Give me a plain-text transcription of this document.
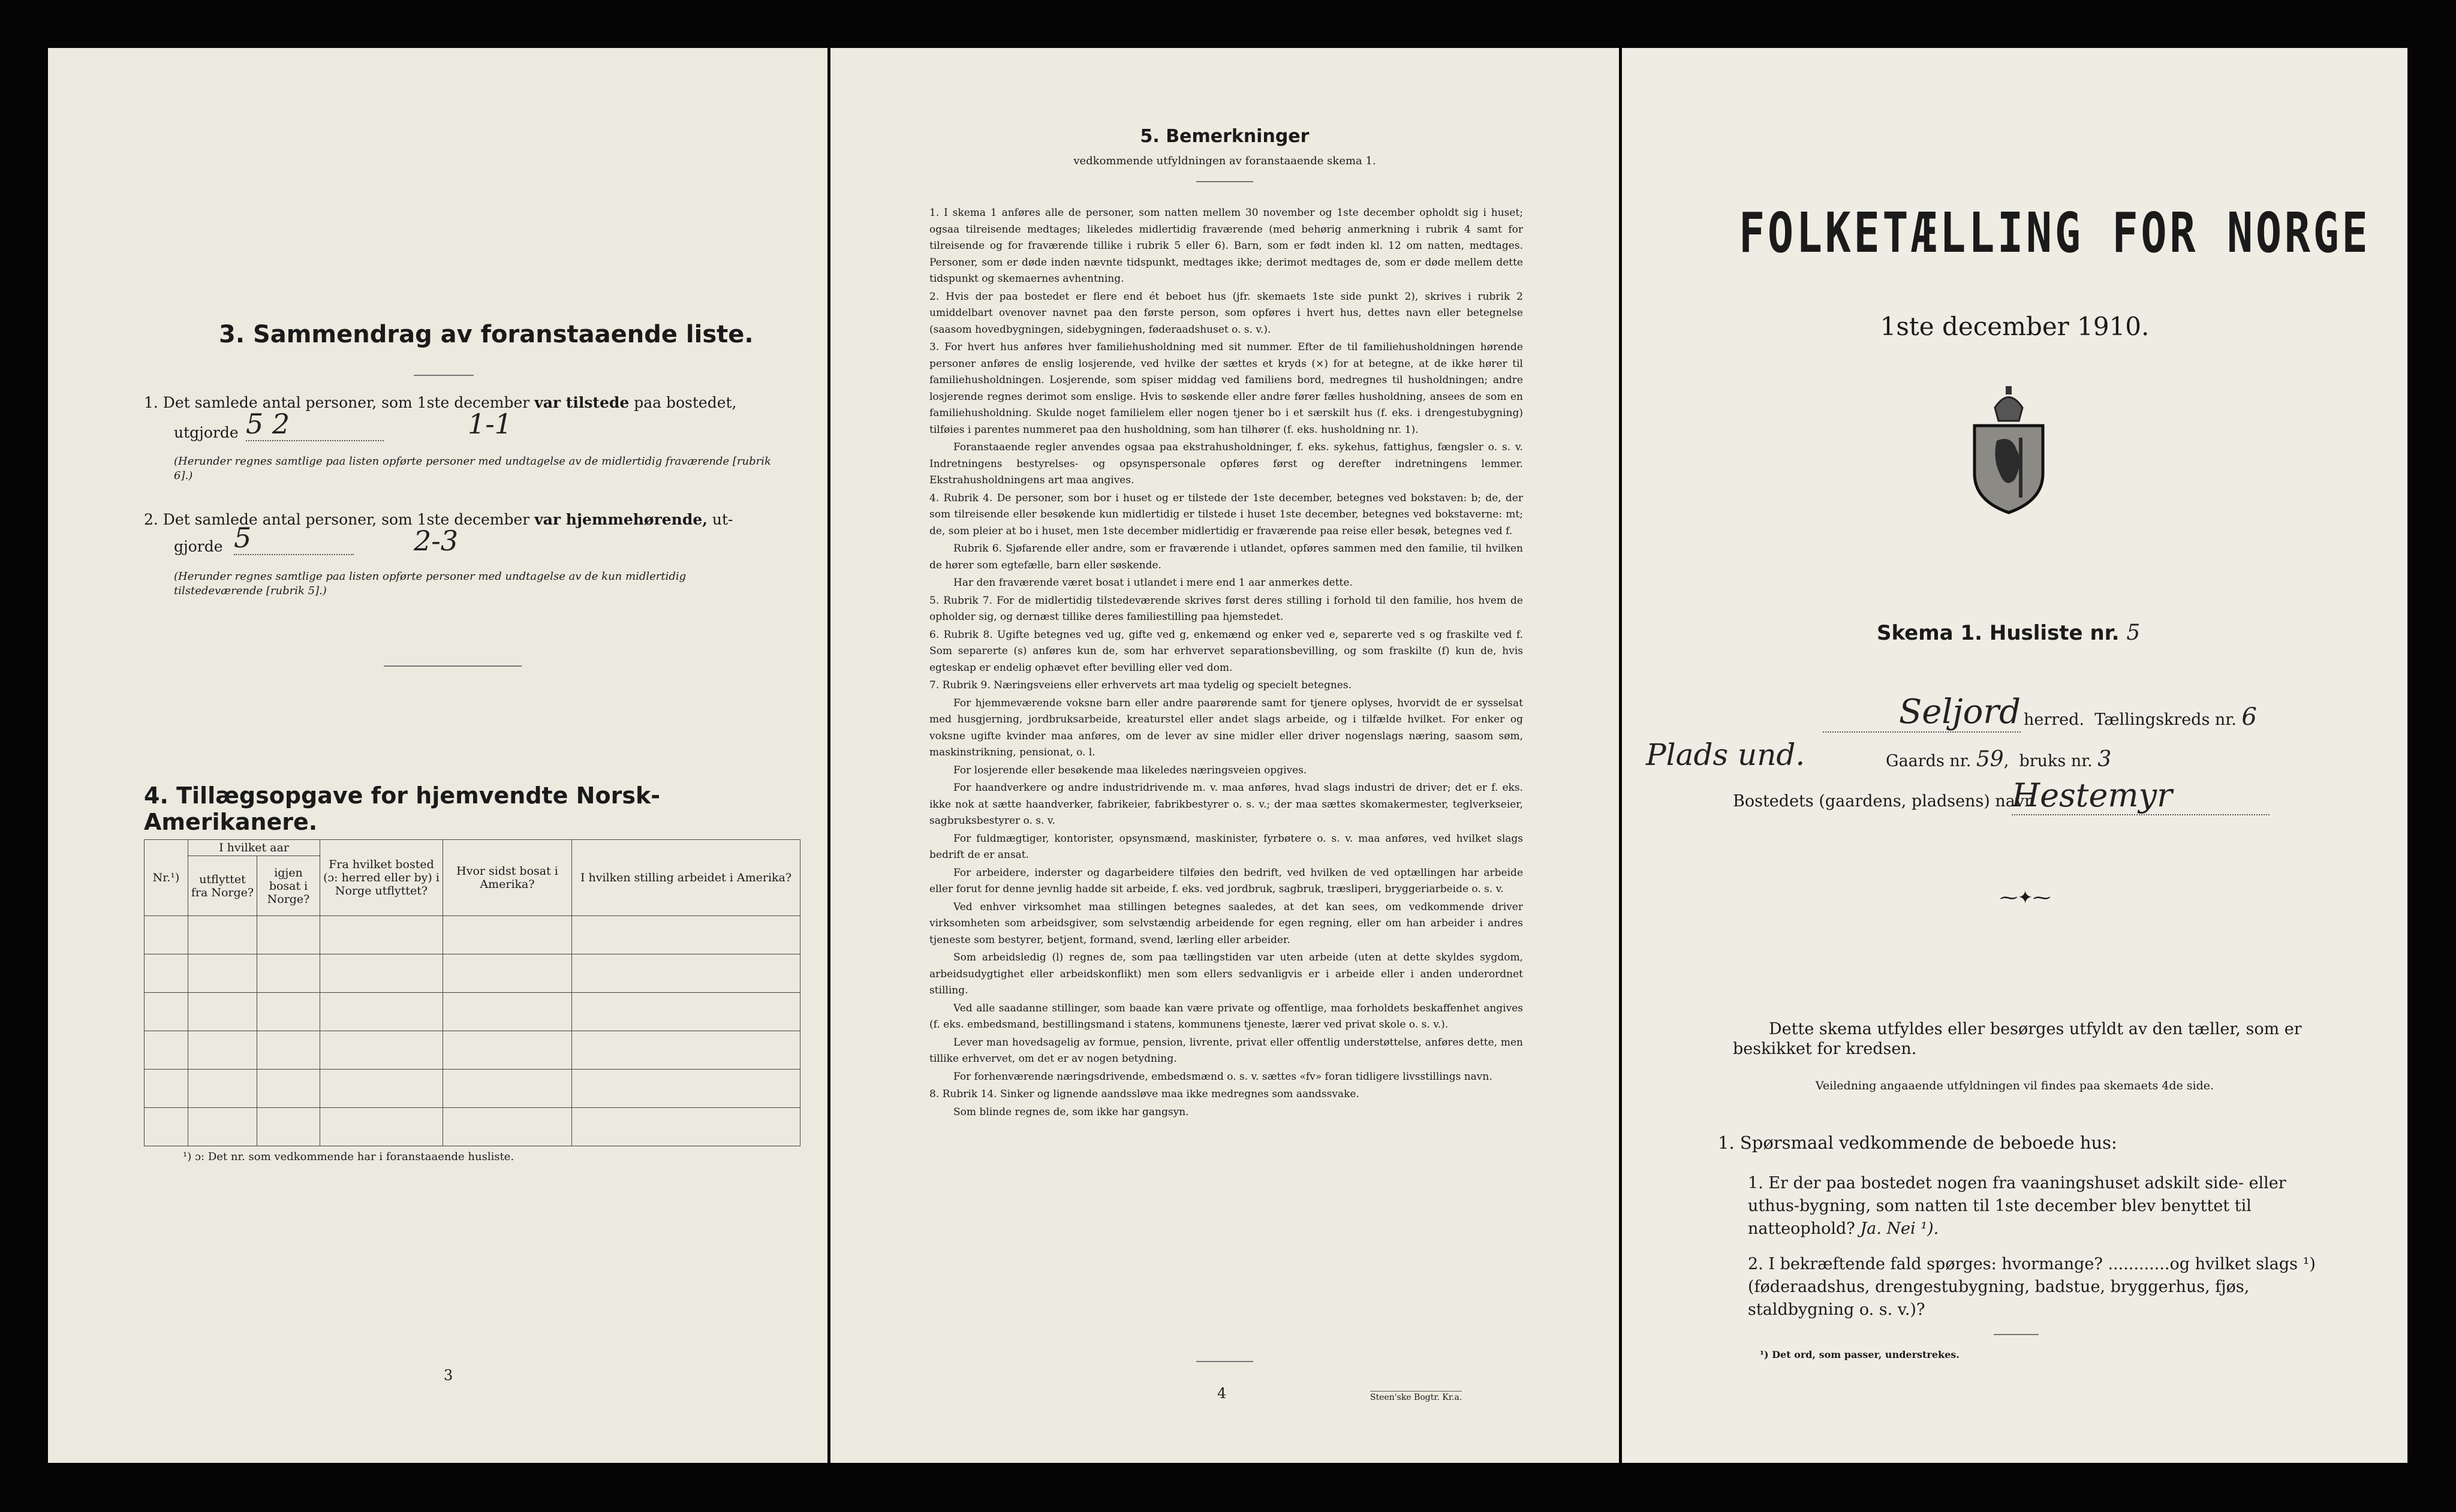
3. Sammendrag av foranstaaende liste.
1. Det samlede antal personer, som 1ste december var tilstede paa bostedet,
utgjorde 5 2	1-1
(Herunder regnes samtlige paa listen opførte personer med undtagelse av de midlertidig fraværende [rubrik 6].)
2. Det samlede antal personer, som 1ste december var hjemmehørende, ut-
gjorde 5	2-3
(Herunder regnes samtlige paa listen opførte personer med undtagelse av de kun midlertidig tilstedeværende [rubrik 5].)
4. Tillægsopgave for hjemvendte Norsk-Amerikanere.
Nr.¹)	I hvilket aar		Fra hvilket bosted (ɔ: herred eller by) i Norge utflyttet?	Hvor sidst bosat i Amerika?	I hvilken stilling arbeidet i Amerika?
	utflyttet fra Norge?	igjen bosat i Norge?			

¹) ɔ: Det nr. som vedkommende har i foranstaaende husliste.
3
5. Bemerkninger
vedkommende utfyldningen av foranstaaende skema 1.

1. I skema 1 anføres alle de personer, som natten mellem 30 november og 1ste december opholdt sig i huset; ogsaa tilreisende medtages; likeledes midlertidig fraværende (med behørig anmerkning i rubrik 4 samt for tilreisende og for fraværende tillike i rubrik 5 eller 6). Barn, som er født inden kl. 12 om natten, medtages. Personer, som er døde inden nævnte tidspunkt, medtages ikke; derimot medtages de, som er døde mellem dette tidspunkt og skemaernes avhentning.

2. Hvis der paa bostedet er flere end ét beboet hus (jfr. skemaets 1ste side punkt 2), skrives i rubrik 2 umiddelbart ovenover navnet paa den første person, som opføres i hvert hus, dettes navn eller betegnelse (saasom hovedbygningen, sidebygningen, føderaadshuset o. s. v.).

3. For hvert hus anføres hver familiehusholdning med sit nummer. Efter de til familiehusholdningen hørende personer anføres de enslig losjerende, ved hvilke der sættes et kryds (×) for at betegne, at de ikke hører til familiehusholdningen. Losjerende, som spiser middag ved familiens bord, medregnes til husholdningen; andre losjerende regnes derimot som enslige. Hvis to søskende eller andre fører fælles husholdning, ansees de som en familiehusholdning. Skulde noget familielem eller nogen tjener bo i et særskilt hus (f. eks. i drengestubygning) tilføies i parentes nummeret paa den husholdning, som han tilhører (f. eks. husholdning nr. 1).

Foranstaaende regler anvendes ogsaa paa ekstrahusholdninger, f. eks. sykehus, fattighus, fængsler o. s. v. Indretningens bestyrelses- og opsynspersonale opføres først og derefter indretningens lemmer. Ekstrahusholdningens art maa angives.

4. Rubrik 4. De personer, som bor i huset og er tilstede der 1ste december, betegnes ved bokstaven: b; de, der som tilreisende eller besøkende kun midlertidig er tilstede i huset 1ste december, betegnes ved bokstaverne: mt; de, som pleier at bo i huset, men 1ste december midlertidig er fraværende paa reise eller besøk, betegnes ved f.

Rubrik 6. Sjøfarende eller andre, som er fraværende i utlandet, opføres sammen med den familie, til hvilken de hører som egtefælle, barn eller søskende.

Har den fraværende været bosat i utlandet i mere end 1 aar anmerkes dette.

5. Rubrik 7. For de midlertidig tilstedeværende skrives først deres stilling i forhold til den familie, hos hvem de opholder sig, og dernæst tillike deres familiestilling paa hjemstedet.

6. Rubrik 8. Ugifte betegnes ved ug, gifte ved g, enkemænd og enker ved e, separerte ved s og fraskilte ved f. Som separerte (s) anføres kun de, som har erhvervet separationsbevilling, og som fraskilte (f) kun de, hvis egteskap er endelig ophævet efter bevilling eller ved dom.

7. Rubrik 9. Næringsveiens eller erhvervets art maa tydelig og specielt betegnes.

For hjemmeværende voksne barn eller andre paarørende samt for tjenere oplyses, hvorvidt de er sysselsat med husgjerning, jordbruksarbeide, kreaturstel eller andet slags arbeide, og i tilfælde hvilket. For enker og voksne ugifte kvinder maa anføres, om de lever av sine midler eller driver nogenslags næring, saasom søm, maskinstrikning, pensionat, o. l.

For losjerende eller besøkende maa likeledes næringsveien opgives.

For haandverkere og andre industridrivende m. v. maa anføres, hvad slags industri de driver; det er f. eks. ikke nok at sætte haandverker, fabrikeier, fabrikbestyrer o. s. v.; der maa sættes skomakermester, teglverkseier, sagbruksbestyrer o. s. v.

For fuldmægtiger, kontorister, opsynsmænd, maskinister, fyrbøtere o. s. v. maa anføres, ved hvilket slags bedrift de er ansat.

For arbeidere, inderster og dagarbeidere tilføies den bedrift, ved hvilken de ved optællingen har arbeide eller forut for denne jevnlig hadde sit arbeide, f. eks. ved jordbruk, sagbruk, træsliperi, bryggeriarbeide o. s. v.

Ved enhver virksomhet maa stillingen betegnes saaledes, at det kan sees, om vedkommende driver virksomheten som arbeidsgiver, som selvstændig arbeidende for egen regning, eller om han arbeider i andres tjeneste som bestyrer, betjent, formand, svend, lærling eller arbeider.

Som arbeidsledig (l) regnes de, som paa tællingstiden var uten arbeide (uten at dette skyldes sygdom, arbeidsudygtighet eller arbeidskonflikt) men som ellers sedvanligvis er i arbeide eller i anden underordnet stilling.

Ved alle saadanne stillinger, som baade kan være private og offentlige, maa forholdets beskaffenhet angives (f. eks. embedsmand, bestillingsmand i statens, kommunens tjeneste, lærer ved privat skole o. s. v.).

Lever man hovedsagelig av formue, pension, livrente, privat eller offentlig understøttelse, anføres dette, men tillike erhvervet, om det er av nogen betydning.

For forhenværende næringsdrivende, embedsmænd o. s. v. sættes «fv» foran tidligere livsstillings navn.

8. Rubrik 14. Sinker og lignende aandssløve maa ikke medregnes som aandssvake.

Som blinde regnes de, som ikke har gangsyn.

4	Steen'ske Bogtr. Kr.a.
FOLKETÆLLING FOR NORGE
1ste december 1910.
Skema 1. Husliste nr. 5
Seljord herred. Tællingskreds nr. 6
Plads und.	Gaards nr. 59,  bruks nr. 3
Bostedets (gaardens, pladsens) navn
Hestemyr
⁓✦⁓
Dette skema utfyldes eller besørges utfyldt av den tæller, som er beskikket for kredsen.
Veiledning angaaende utfyldningen vil findes paa skemaets 4de side.
1. Spørsmaal vedkommende de beboede hus:
1. Er der paa bostedet nogen fra vaaningshuset adskilt side- eller uthus-bygning, som natten til 1ste december blev benyttet til natteophold? Ja. Nei ¹).
2. I bekræftende fald spørges: hvormange? ............og hvilket slags ¹) (føderaadshus, drengestubygning, badstue, bryggerhus, fjøs, staldbygning o. s. v.)?
¹) Det ord, som passer, understrekes.
